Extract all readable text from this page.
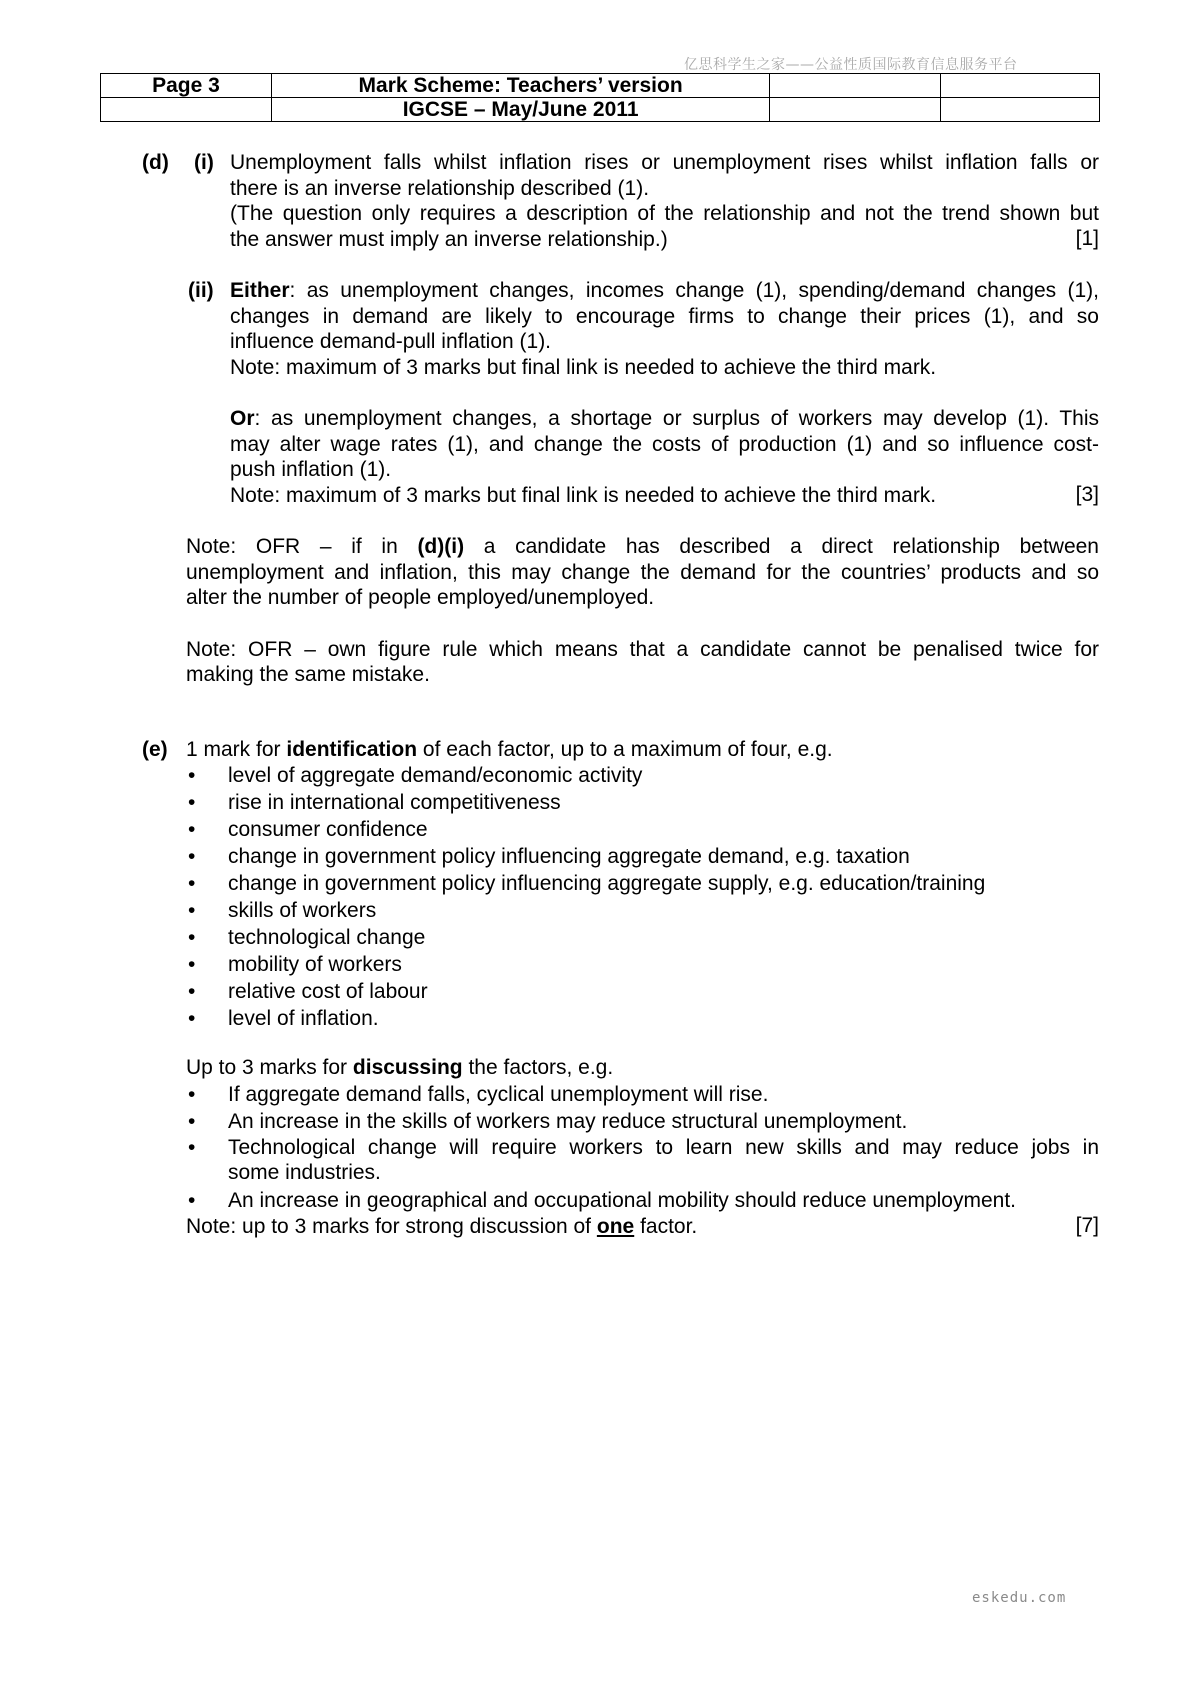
亿思科学生之家——公益性质国际教育信息服务平台
Page 3	Mark Scheme: Teachers’ version		
	IGCSE – May/June 2011		
(d) (i) Unemployment falls whilst inflation rises or unemployment rises whilst inflation falls or
there is an inverse relationship described (1).
(The question only requires a description of the relationship and not the trend shown but
the answer must imply an inverse relationship.)	[1]
(ii) Either: as unemployment changes, incomes change (1), spending/demand changes (1),
changes in demand are likely to encourage firms to change their prices (1), and so
influence demand-pull inflation (1).
Note: maximum of 3 marks but final link is needed to achieve the third mark.
Or: as unemployment changes, a shortage or surplus of workers may develop (1). This
may alter wage rates (1), and change the costs of production (1) and so influence cost-
push inflation (1).
Note: maximum of 3 marks but final link is needed to achieve the third mark.	[3]
Note: OFR – if in (d)(i) a candidate has described a direct relationship between
unemployment and inflation, this may change the demand for the countries’ products and so
alter the number of people employed/unemployed.
Note: OFR – own figure rule which means that a candidate cannot be penalised twice for
making the same mistake.
(e) 1 mark for identification of each factor, up to a maximum of four, e.g.
• level of aggregate demand/economic activity
• rise in international competitiveness
• consumer confidence
• change in government policy influencing aggregate demand, e.g. taxation
• change in government policy influencing aggregate supply, e.g. education/training
• skills of workers
• technological change
• mobility of workers
• relative cost of labour
• level of inflation.
Up to 3 marks for discussing the factors, e.g.
• If aggregate demand falls, cyclical unemployment will rise.
• An increase in the skills of workers may reduce structural unemployment.
• Technological change will require workers to learn new skills and may reduce jobs in
some industries.
• An increase in geographical and occupational mobility should reduce unemployment.
Note: up to 3 marks for strong discussion of one factor.	[7]
eskedu.com
